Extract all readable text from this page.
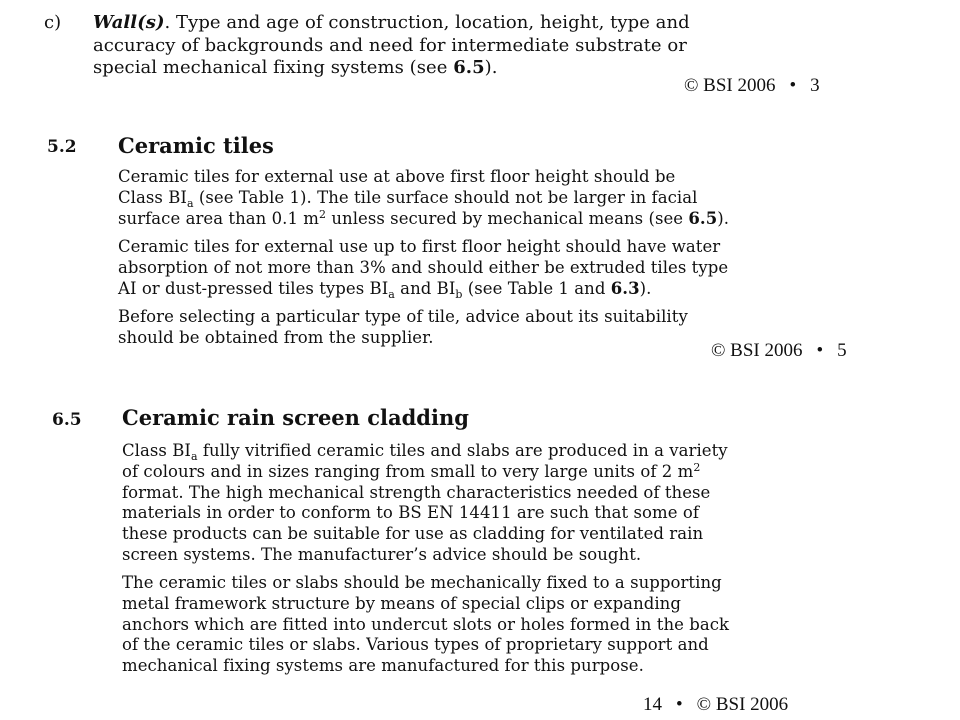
c) Wall(s). Type and age of construction, location, height, type and
accuracy of backgrounds and need for intermediate substrate or
special mechanical fixing systems (see 6.5).
© BSI 2006 • 3
5.2 Ceramic tiles
Ceramic tiles for external use at above first floor height should be
Class $BI_a$ (see Table 1). The tile surface should not be larger in facial
surface area than 0.1 $m^2$ unless secured by mechanical means (see 6.5).
Ceramic tiles for external use up to first floor height should have water
absorption of not more than 3% and should either be extruded tiles type
AI or dust-pressed tiles types $BI_a$ and $BI_b$ (see Table 1 and 6.3).
Before selecting a particular type of tile, advice about its suitability
should be obtained from the supplier.
© BSI 2006 • 5
6.5 Ceramic rain screen cladding
Class $BI_a$ fully vitrified ceramic tiles and slabs are produced in a variety
of colours and in sizes ranging from small to very large units of 2 $m^2$
format. The high mechanical strength characteristics needed of these
materials in order to conform to BS EN 14411 are such that some of
these products can be suitable for use as cladding for ventilated rain
screen systems. The manufacturer’s advice should be sought.
The ceramic tiles or slabs should be mechanically fixed to a supporting
metal framework structure by means of special clips or expanding
anchors which are fitted into undercut slots or holes formed in the back
of the ceramic tiles or slabs. Various types of proprietary support and
mechanical fixing systems are manufactured for this purpose.
14 • © BSI 2006
